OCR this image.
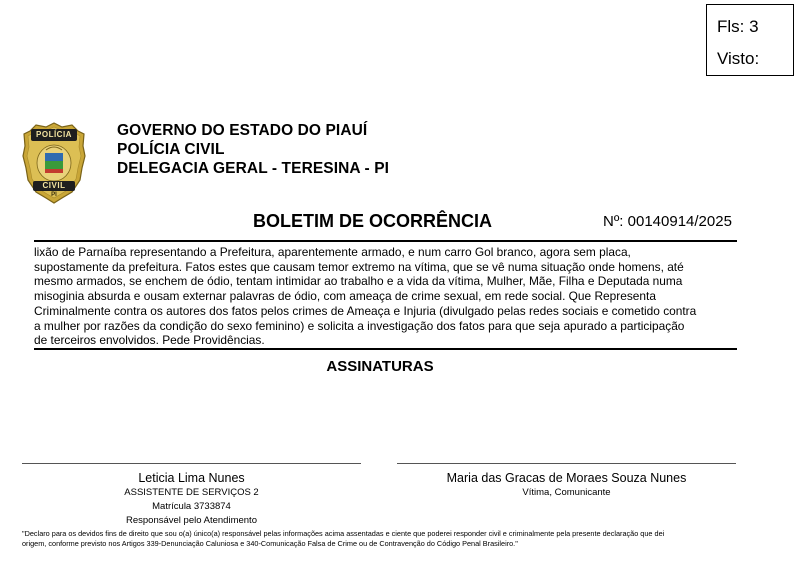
Fls: 3
Visto:
POLÍCIA
CIVIL
PI
GOVERNO DO ESTADO DO PIAUÍ
POLÍCIA CIVIL
DELEGACIA GERAL - TERESINA - PI
BOLETIM DE OCORRÊNCIA	Nº: 00140914/2025
lixão de Parnaíba representando a Prefeitura, aparentemente armado, e num carro Gol branco, agora sem placa,
supostamente da prefeitura. Fatos estes que causam temor extremo na vítima, que se vê numa situação onde homens, até
mesmo armados, se enchem de ódio, tentam intimidar ao trabalho e a vida da vítima, Mulher, Mãe, Filha e Deputada numa
misoginia absurda e ousam externar palavras de ódio, com ameaça de crime sexual, em rede social. Que Representa
Criminalmente contra os autores dos fatos pelos crimes de Ameaça e Injuria (divulgado pelas redes sociais e cometido contra
a mulher por razões da condição do sexo feminino) e solicita a investigação dos fatos para que seja apurado a participação
de terceiros envolvidos. Pede Providências.
ASSINATURAS
Leticia Lima Nunes
ASSISTENTE DE SERVIÇOS 2
Matrícula 3733874
Responsável pelo Atendimento
Maria das Gracas de Moraes Souza Nunes
Vítima, Comunicante
"Declaro para os devidos fins de direito que sou o(a) único(a) responsável pelas informações acima assentadas e ciente que poderei responder civil e criminalmente pela presente declaração que dei
origem, conforme previsto nos Artigos 339-Denunciação Caluniosa e 340-Comunicação Falsa de Crime ou de Contravenção do Código Penal Brasileiro."
